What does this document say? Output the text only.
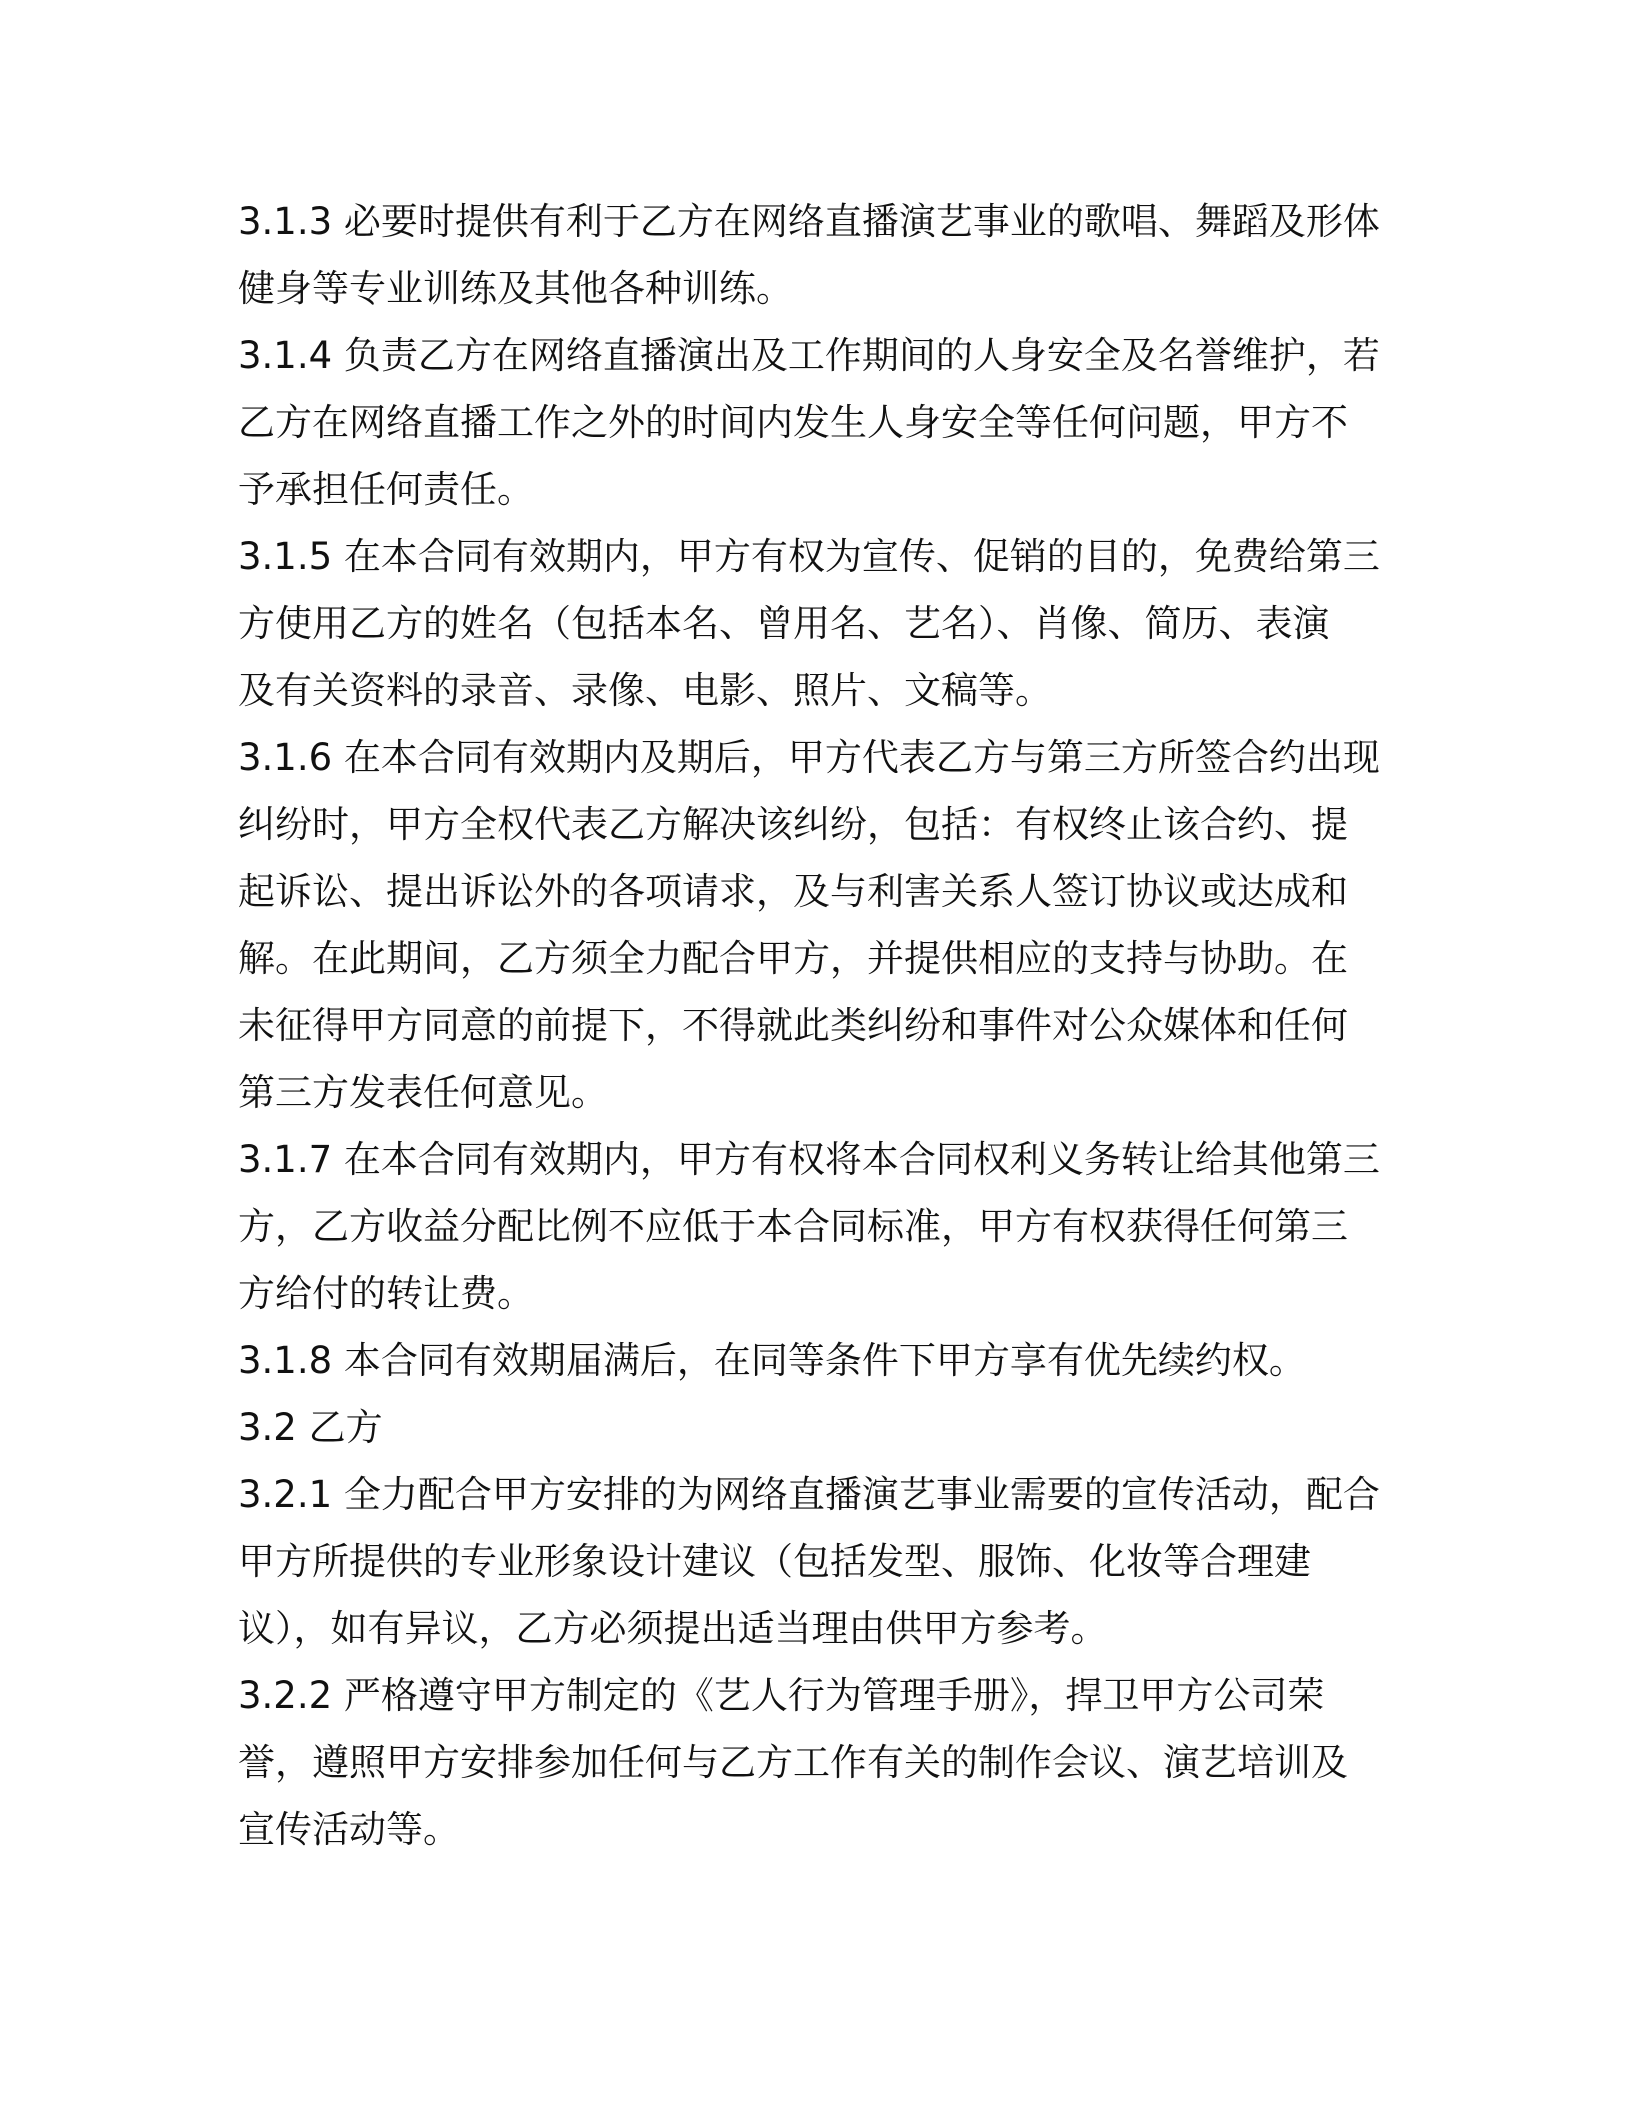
3.1.3 必要时提供有利于乙方在网络直播演艺事业的歌唱、舞蹈及形体
健身等专业训练及其他各种训练。
3.1.4 负责乙方在网络直播演出及工作期间的人身安全及名誉维护，若
乙方在网络直播工作之外的时间内发生人身安全等任何问题，甲方不
予承担任何责任。
3.1.5 在本合同有效期内，甲方有权为宣传、促销的目的，免费给第三
方使用乙方的姓名（包括本名、曾用名、艺名）、肖像、简历、表演
及有关资料的录音、录像、电影、照片、文稿等。
3.1.6 在本合同有效期内及期后，甲方代表乙方与第三方所签合约出现
纠纷时，甲方全权代表乙方解决该纠纷，包括：有权终止该合约、提
起诉讼、提出诉讼外的各项请求，及与利害关系人签订协议或达成和
解。在此期间，乙方须全力配合甲方，并提供相应的支持与协助。在
未征得甲方同意的前提下，不得就此类纠纷和事件对公众媒体和任何
第三方发表任何意见。
3.1.7 在本合同有效期内，甲方有权将本合同权利义务转让给其他第三
方，乙方收益分配比例不应低于本合同标准，甲方有权获得任何第三
方给付的转让费。
3.1.8 本合同有效期届满后，在同等条件下甲方享有优先续约权。
3.2 乙方
3.2.1 全力配合甲方安排的为网络直播演艺事业需要的宣传活动，配合
甲方所提供的专业形象设计建议（包括发型、服饰、化妆等合理建
议），如有异议，乙方必须提出适当理由供甲方参考。
3.2.2 严格遵守甲方制定的《艺人行为管理手册》，捍卫甲方公司荣
誉，遵照甲方安排参加任何与乙方工作有关的制作会议、演艺培训及
宣传活动等。
